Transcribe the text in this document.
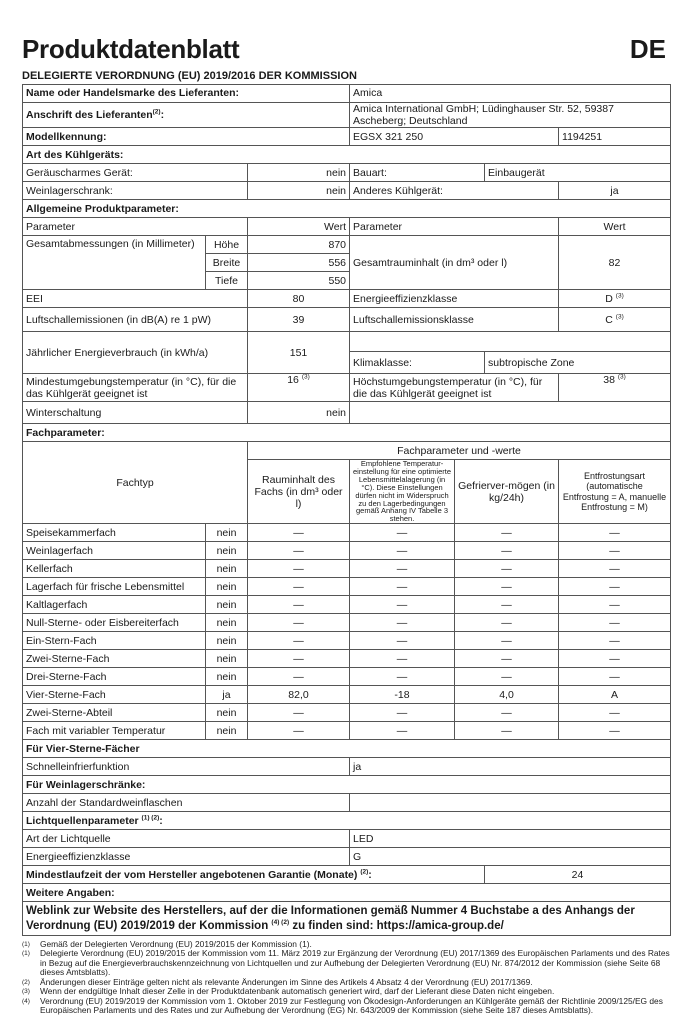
Produktdatenblatt	DE
DELEGIERTE VERORDNUNG (EU) 2019/2016 DER KOMMISSION
Name oder Handelsmarke des Lieferanten:			Amica			
Anschrift des Lieferanten$^{(2)}$:			Amica International GmbH; Lüdinghauser Str. 52, 59387 Ascheberg; Deutschland			
Modellkennung:			EGSX 321 250			1194251
Art des Kühlgeräts:						
Geräuscharmes Gerät:		nein	Bauart:		Einbaugerät	
Weinlagerschrank:		nein	Anderes Kühlgerät:			ja
Allgemeine Produktparameter:						
Parameter		Wert	Parameter			Wert
Gesamtabmessungen (in Millimeter)	Höhe	870	Gesamtrauminhalt (in dm³ oder l)			82
	Breite	556				
	Tiefe	550				
EEI		80	Energieeffizienzklasse			D $^{(3)}$
Luftschallemissionen (in dB(A) re 1 pW)		39	Luftschallemissionsklasse			C $^{(3)}$
Jährlicher Energieverbrauch (in kWh/a)		151				
			Klimaklasse:		subtropische Zone	
Mindestumgebungstemperatur (in °C), für die das Kühlgerät geeignet ist		16 $^{(3)}$	Höchstumgebungstemperatur (in °C), für die das Kühlgerät geeignet ist			38 $^{(3)}$
Winterschaltung		nein				
Fachparameter:						
Fachtyp		Fachparameter und -werte				
		Rauminhalt des Fachs (in dm³ oder l)	Empfohlene Temperatur-einstellung für eine optimierte Lebensmittelalagerung (in °C). Diese Einstellungen dürfen nicht im Widerspruch zu den Lagerbedingungen gemäß Anhang IV Tabelle 3 stehen.	Gefrierver-mögen (in kg/24h)		Entfrostungsart (automatische Entfrostung = A, manuelle Entfrostung = M)
Speisekammerfach	nein	—	—	—		—
Weinlagerfach	nein	—	—	—		—
Kellerfach	nein	—	—	—		—
Lagerfach für frische Lebensmittel	nein	—	—	—		—
Kaltlagerfach	nein	—	—	—		—
Null-Sterne- oder Eisbereiterfach	nein	—	—	—		—
Ein-Stern-Fach	nein	—	—	—		—
Zwei-Sterne-Fach	nein	—	—	—		—
Drei-Sterne-Fach	nein	—	—	—		—
Vier-Sterne-Fach	ja	82,0	-18	4,0		A
Zwei-Sterne-Abteil	nein	—	—	—		—
Fach mit variabler Temperatur	nein	—	—	—		—
Für Vier-Sterne-Fächer						
Schnelleinfrierfunktion			ja			
Für Weinlagerschränke:						
Anzahl der Standardweinflaschen						
Lichtquellenparameter $^{(1) (2)}$:						
Art der Lichtquelle			LED			
Energieeffizienzklasse			G			
Mindestlaufzeit der vom Hersteller angebotenen Garantie (Monate) $^{(2)}$:					24	
Weitere Angaben:						
Weblink zur Website des Herstellers, auf der die Informationen gemäß Nummer 4 Buchstabe a des Anhangs der Verordnung (EU) 2019/2019 der Kommission $^{(4) (2)}$ zu finden sind: https://amica-group.de/						
(1)	Gemäß der Delegierten Verordnung (EU) 2019/2015 der Kommission (1).
(1)	Delegierte Verordnung (EU) 2019/2015 der Kommission vom 11. März 2019 zur Ergänzung der Verordnung (EU) 2017/1369 des Europäischen Parlaments und des Rates in Bezug auf die Energieverbrauchskennzeichnung von Lichtquellen und zur Aufhebung der Delegierten Verordnung (EU) Nr. 874/2012 der Kommission (siehe Seite 68 dieses Amtsblatts).
(2)	Änderungen dieser Einträge gelten nicht als relevante Änderungen im Sinne des Artikels 4 Absatz 4 der Verordnung (EU) 2017/1369.
(3)	Wenn der endgültige Inhalt dieser Zelle in der Produktdatenbank automatisch generiert wird, darf der Lieferant diese Daten nicht eingeben.
(4)	Verordnung (EU) 2019/2019 der Kommission vom 1. Oktober 2019 zur Festlegung von Ökodesign-Anforderungen an Kühlgeräte gemäß der Richtlinie 2009/125/EG des Europäischen Parlaments und des Rates und zur Aufhebung der Verordnung (EG) Nr. 643/2009 der Kommission (siehe Seite 187 dieses Amtsblatts).
